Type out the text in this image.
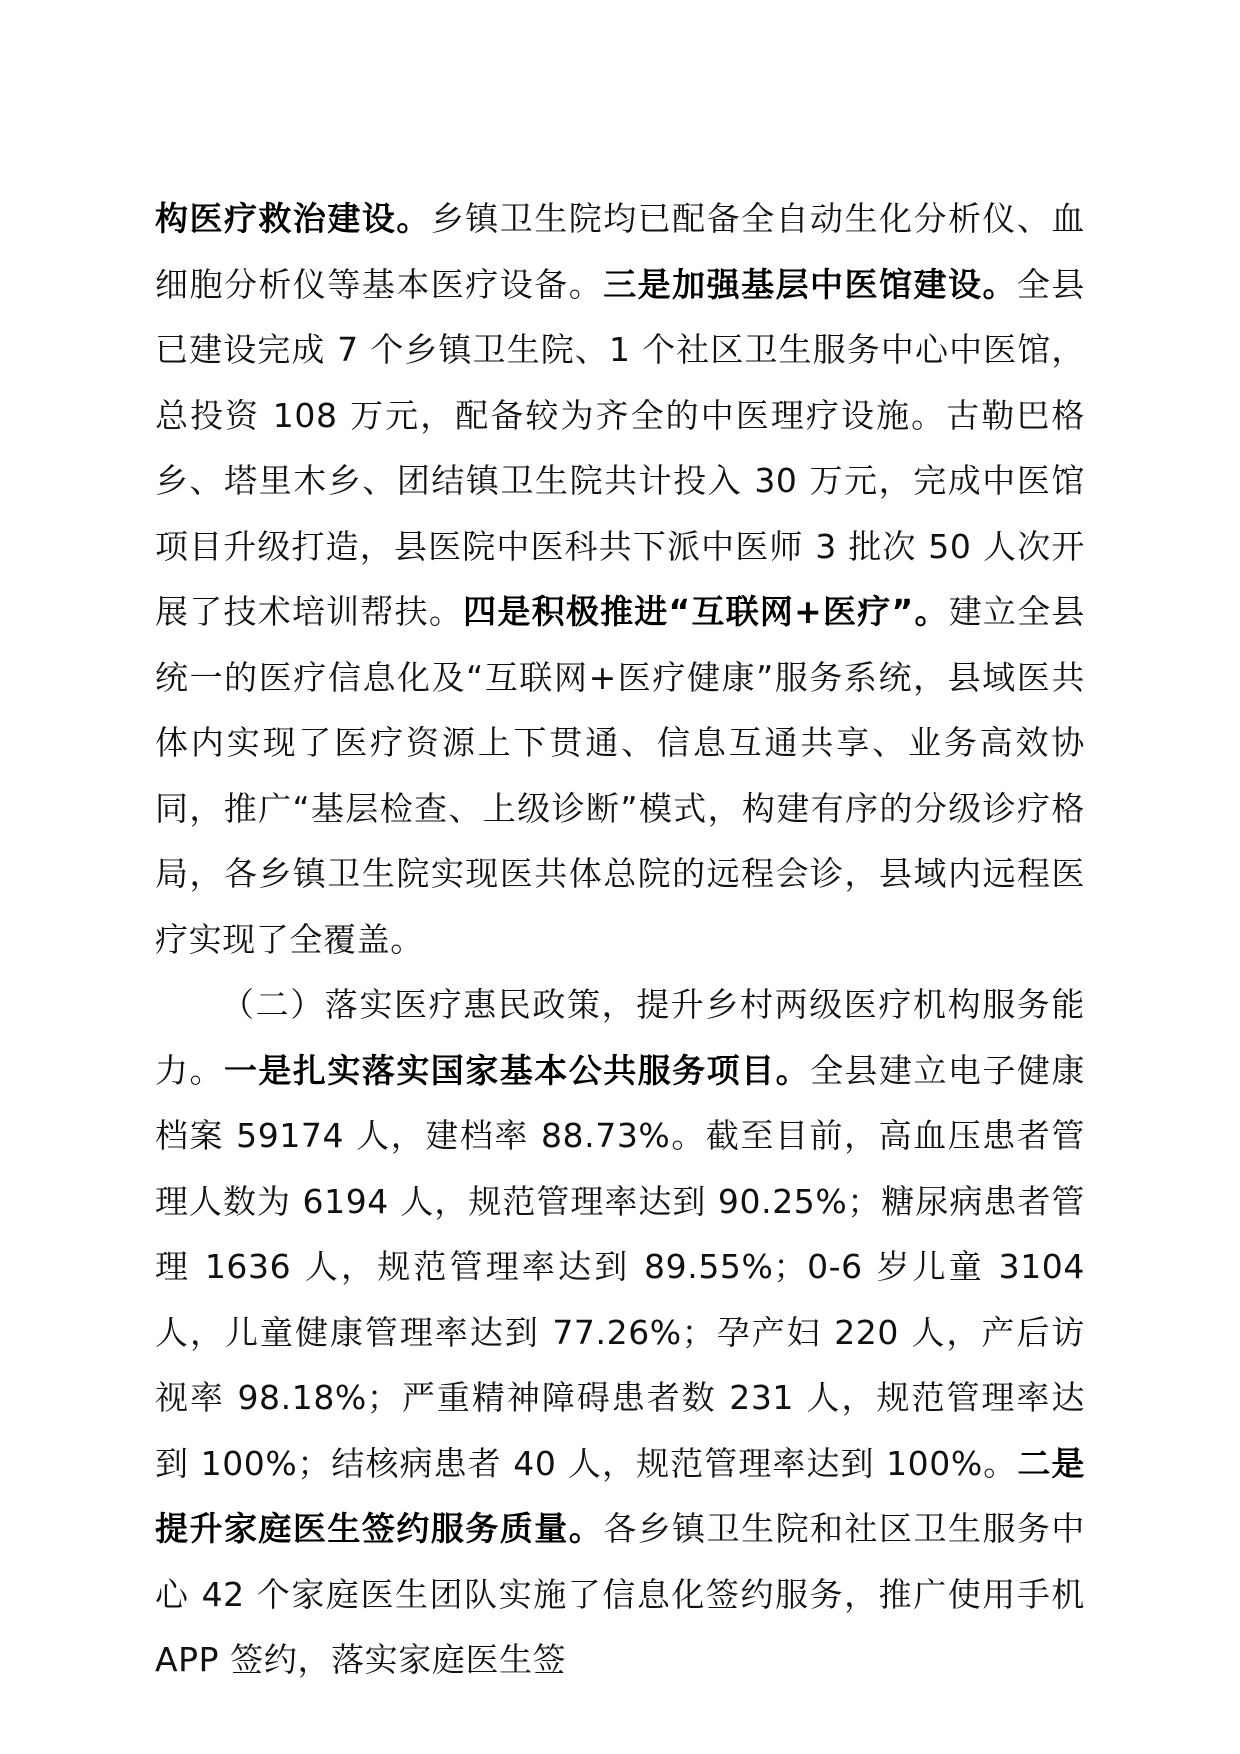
构医疗救治建设。乡镇卫生院均已配备全自动生化分析仪、血细胞分析仪等基本医疗设备。三是加强基层中医馆建设。全县已建设完成 7 个乡镇卫生院、1 个社区卫生服务中心中医馆，总投资 108 万元，配备较为齐全的中医理疗设施。古勒巴格乡、塔里木乡、团结镇卫生院共计投入 30 万元，完成中医馆项目升级打造，县医院中医科共下派中医师 3 批次 50 人次开展了技术培训帮扶。四是积极推进“互联网+医疗”。建立全县统一的医疗信息化及“互联网+医疗健康”服务系统，县域医共体内实现了医疗资源上下贯通、信息互通共享、业务高效协同，推广“基层检查、上级诊断”模式，构建有序的分级诊疗格局，各乡镇卫生院实现医共体总院的远程会诊，县域内远程医疗实现了全覆盖。

（二）落实医疗惠民政策，提升乡村两级医疗机构服务能力。一是扎实落实国家基本公共服务项目。全县建立电子健康档案 59174 人，建档率 88.73%。截至目前，高血压患者管理人数为 6194 人，规范管理率达到 90.25%；糖尿病患者管理 1636 人，规范管理率达到 89.55%；0-6 岁儿童 3104 人，儿童健康管理率达到 77.26%；孕产妇 220 人，产后访视率 98.18%；严重精神障碍患者数 231 人，规范管理率达到 100%；结核病患者 40 人，规范管理率达到 100%。二是提升家庭医生签约服务质量。各乡镇卫生院和社区卫生服务中心 42 个家庭医生团队实施了信息化签约服务，推广使用手机 APP 签约，落实家庭医生签
